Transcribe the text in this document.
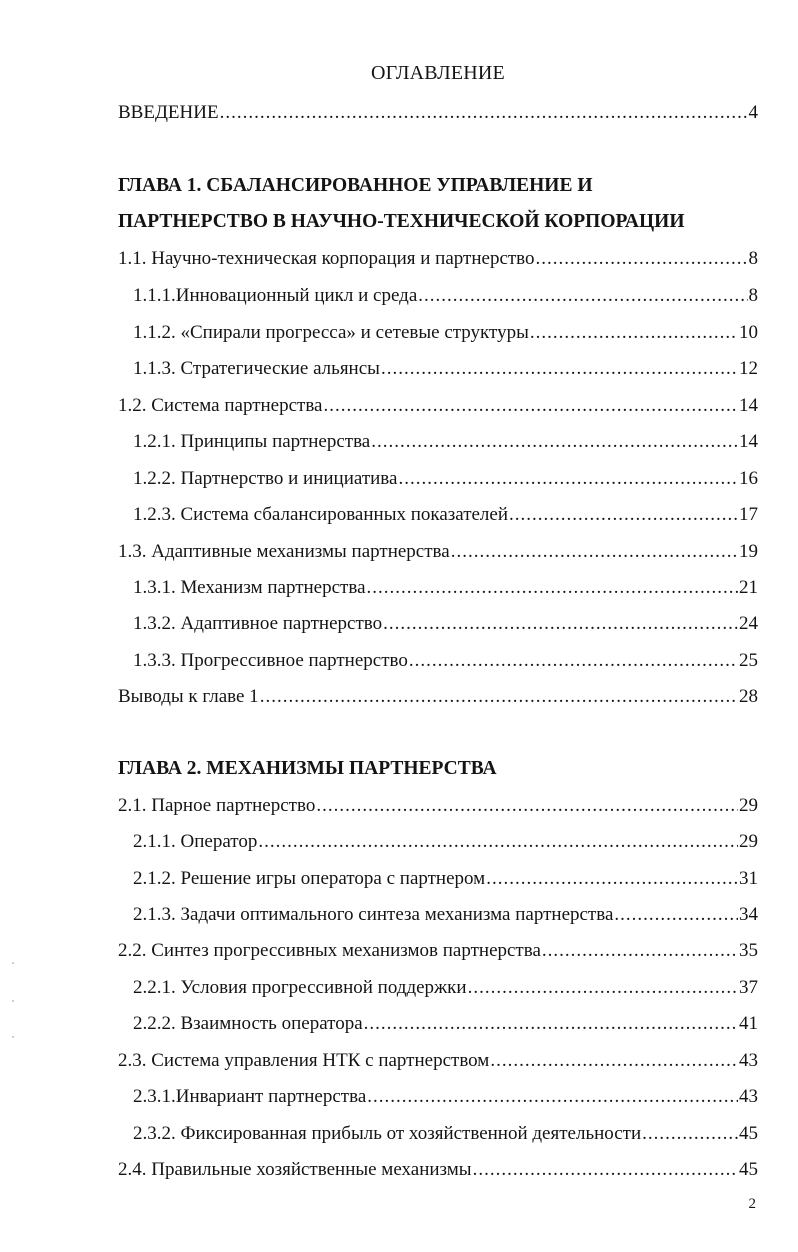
ОГЛАВЛЕНИЕ
ВВЕДЕНИЕ .....	4
ГЛАВА 1. СБАЛАНСИРОВАННОЕ УПРАВЛЕНИЕ И
ПАРТНЕРСТВО В НАУЧНО-ТЕХНИЧЕСКОЙ КОРПОРАЦИИ
1.1. Научно-техническая корпорация и партнерство .....	8
1.1.1.Инновационный цикл и среда .....	8
1.1.2. «Спирали прогресса» и сетевые структуры .....	10
1.1.3. Стратегические альянсы .....	12
1.2. Система партнерства .....	14
1.2.1. Принципы партнерства .....	14
1.2.2. Партнерство и инициатива .....	16
1.2.3. Система сбалансированных показателей .....	17
1.3. Адаптивные механизмы партнерства .....	19
1.3.1. Механизм партнерства .....	21
1.3.2. Адаптивное партнерство .....	24
1.3.3. Прогрессивное партнерство .....	25
Выводы к главе 1 .....	28
ГЛАВА 2. МЕХАНИЗМЫ ПАРТНЕРСТВА
2.1. Парное партнерство .....	29
2.1.1. Оператор .....	29
2.1.2. Решение игры оператора с партнером .....	31
2.1.3. Задачи оптимального синтеза механизма партнерства .....	34
2.2. Синтез прогрессивных механизмов партнерства .....	35
2.2.1. Условия прогрессивной поддержки .....	37
2.2.2. Взаимность оператора .....	41
2.3. Система управления НТК с партнерством .....	43
2.3.1.Инвариант партнерства .....	43
2.3.2. Фиксированная прибыль от хозяйственной деятельности .....	45
2.4. Правильные хозяйственные механизмы .....	45
2
